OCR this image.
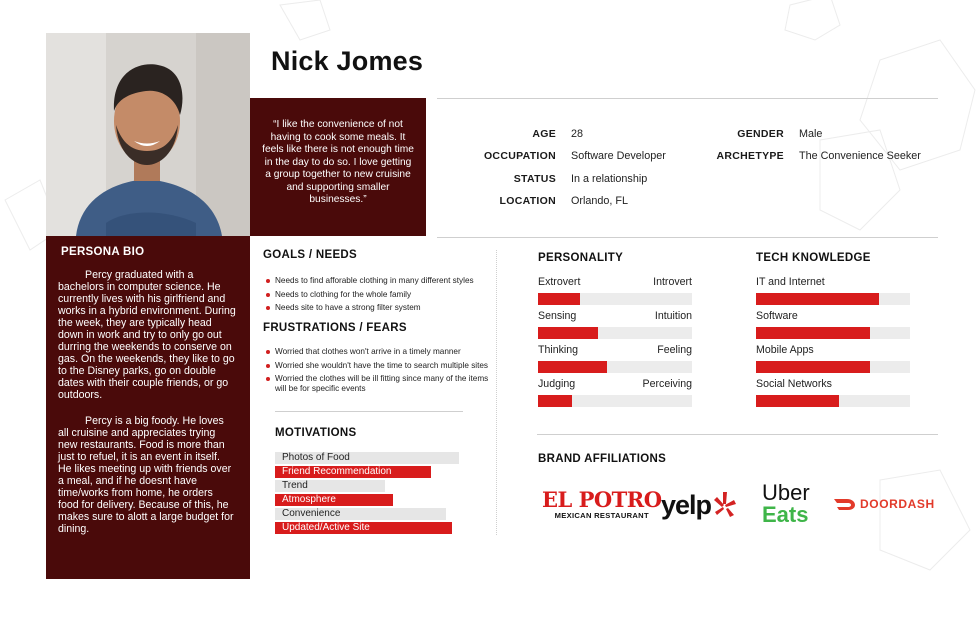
Nick Jomes
“I like the convenience of not having to cook some meals. It feels like there is not enough time in the day to do so. I love getting a group together to new cruisine and supporting smaller businesses.”
AGE	28
OCCUPATION	Software Developer
STATUS	In a relationship
LOCATION	Orlando, FL
GENDER	Male
ARCHETYPE	The Convenience Seeker
PERSONA BIO

Percy graduated with a bachelors in computer science. He currently lives with his girlfriend and works in a hybrid environment. During the week, they are typically head down in work and try to only go out durring the weekends to conserve on gas. On the weekends, they like to go to the Disney parks, go on double dates with their couple friends, or go outdoors.

Percy is a big foody. He loves all cruisine and appreciates trying new restaurants. Food is more than just to refuel, it is an event in itself. He likes meeting up with friends over a meal, and if he doesnt have time/works from home, he orders food for delivery. Because of this, he makes sure to alott a large budget for dining.

GOALS / NEEDS
Needs to find afforable clothing in many different styles
Needs to clothing for the whole family
Needs site to have a strong filter system
FRUSTRATIONS / FEARS
Worried that clothes won't arrive in a timely manner
Worried she wouldn't have the time to search multiple sites
Worried the clothes will be ill fitting since many of the items will be for specific events
MOTIVATIONS
Photos of Food
Friend Recommendation
Trend
Atmosphere
Convenience
Updated/Active Site
PERSONALITY
Extrovert	Introvert
Sensing	Intuition
Thinking	Feeling
Judging	Perceiving
TECH KNOWLEDGE
IT and Internet
Software
Mobile Apps
Social Networks
BRAND AFFILIATIONS
EL POTRO
MEXICAN RESTAURANT yelp Uber
Eats	DOORDASH
